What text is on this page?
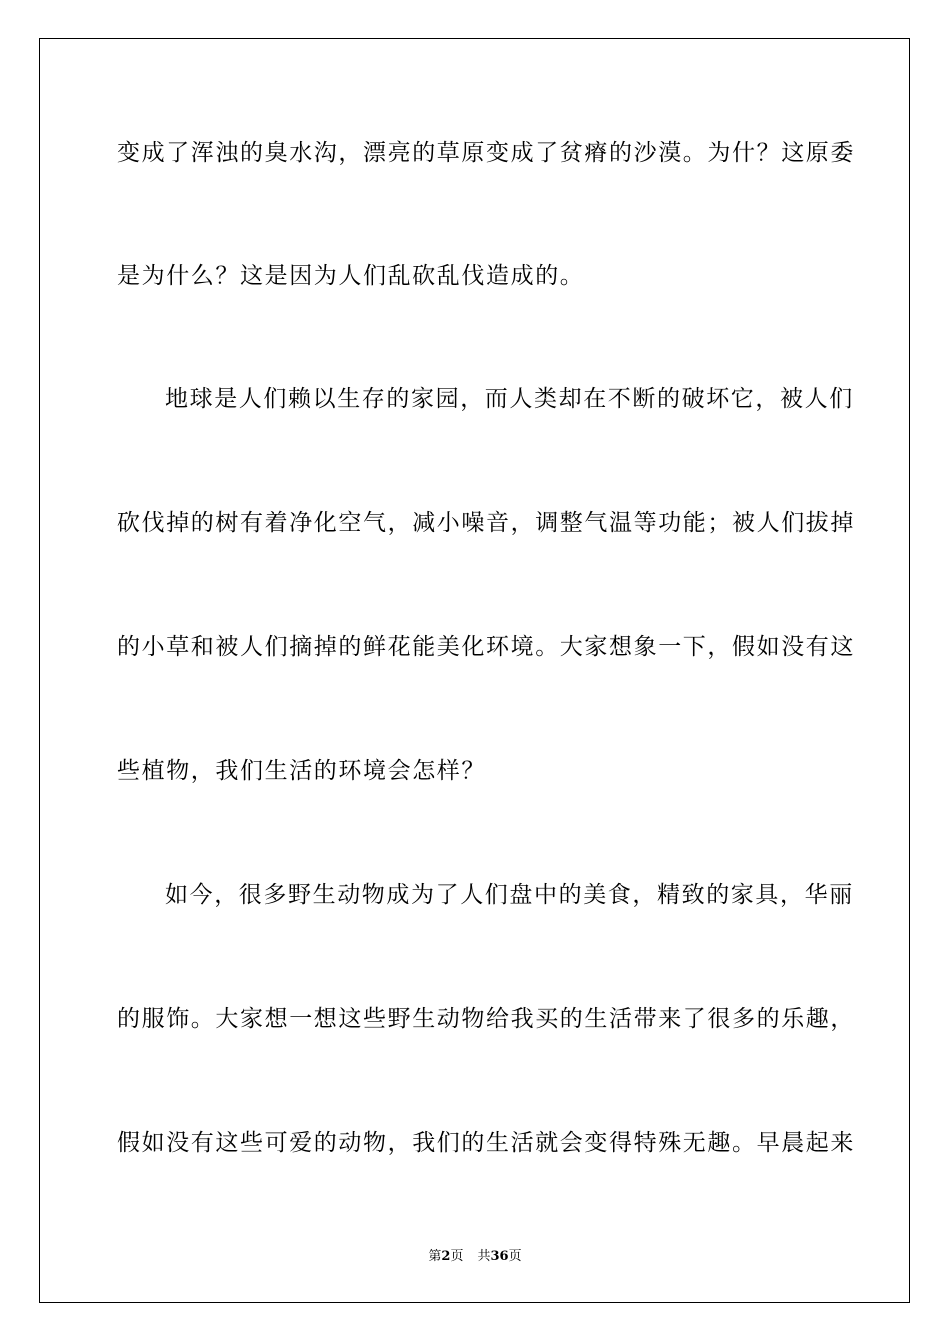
变成了浑浊的臭水沟，漂亮的草原变成了贫瘠的沙漠。为什？这原委
是为什么？这是因为人们乱砍乱伐造成的。
地球是人们赖以生存的家园，而人类却在不断的破坏它，被人们
砍伐掉的树有着净化空气，减小噪音，调整气温等功能；被人们拔掉
的小草和被人们摘掉的鲜花能美化环境。大家想象一下，假如没有这
些植物，我们生活的环境会怎样？
如今，很多野生动物成为了人们盘中的美食，精致的家具，华丽
的服饰。大家想一想这些野生动物给我买的生活带来了很多的乐趣，
假如没有这些可爱的动物，我们的生活就会变得特殊无趣。早晨起来
第2页 共36页
